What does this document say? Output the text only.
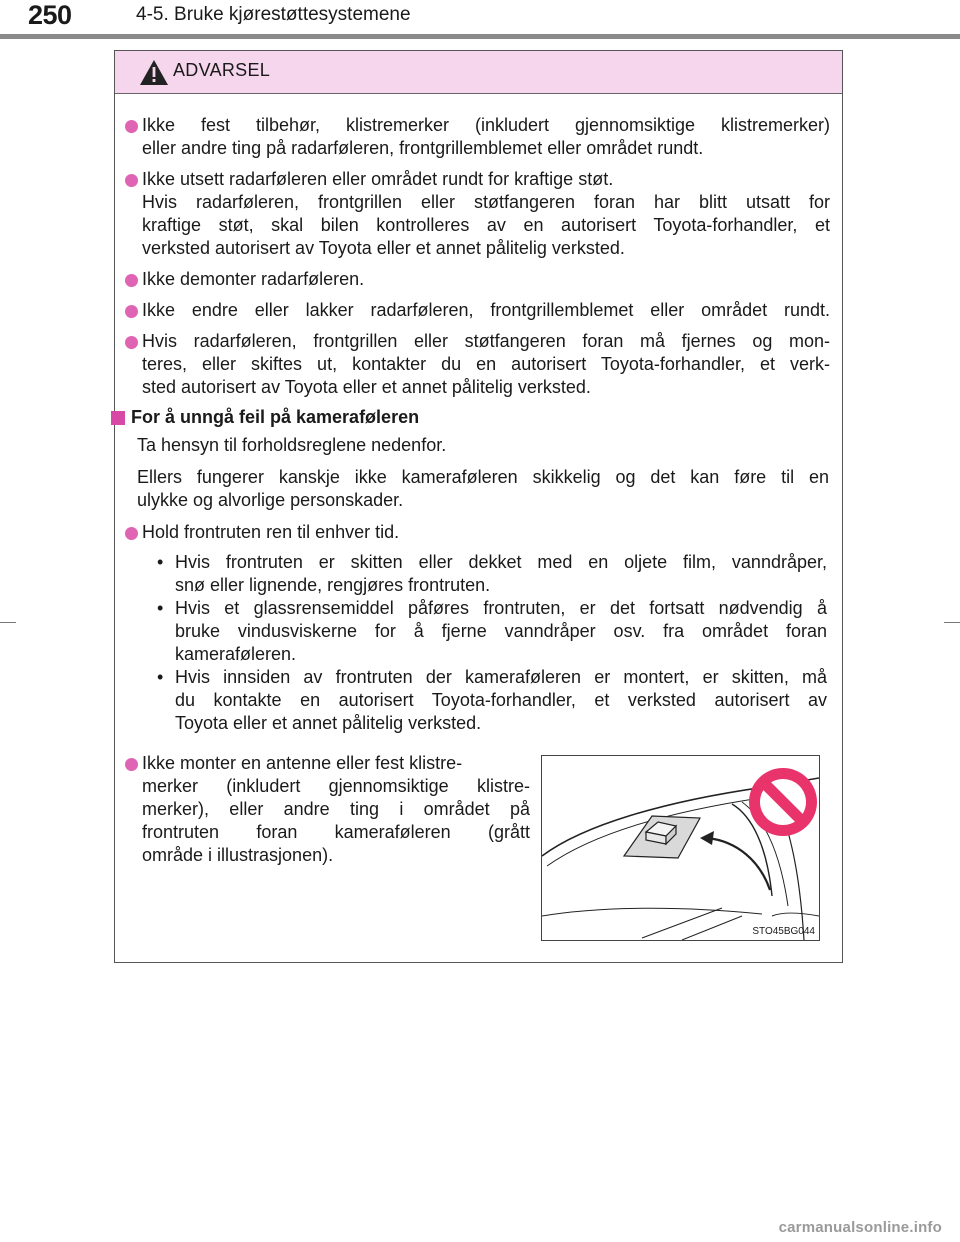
250	4-5. Bruke kjørestøttesystemene
ADVARSEL
Ikke fest tilbehør, klistremerker (inkludert gjennomsiktige klistremerker)
eller andre ting på radarføleren, frontgrillemblemet eller området rundt.
Ikke utsett radarføleren eller området rundt for kraftige støt.
Hvis radarføleren, frontgrillen eller støtfangeren foran har blitt utsatt for
kraftige støt, skal bilen kontrolleres av en autorisert Toyota-forhandler, et
verksted autorisert av Toyota eller et annet pålitelig verksted.
Ikke demonter radarføleren.
Ikke endre eller lakker radarføleren, frontgrillemblemet eller området rundt.
Hvis radarføleren, frontgrillen eller støtfangeren foran må fjernes og mon-
teres, eller skiftes ut, kontakter du en autorisert Toyota-forhandler, et verk-
sted autorisert av Toyota eller et annet pålitelig verksted.
For å unngå feil på kameraføleren
Ta hensyn til forholdsreglene nedenfor.
Ellers fungerer kanskje ikke kameraføleren skikkelig og det kan føre til en
ulykke og alvorlige personskader.
Hold frontruten ren til enhver tid.
• Hvis frontruten er skitten eller dekket med en oljete film, vanndråper,
snø eller lignende, rengjøres frontruten.
• Hvis et glassrensemiddel påføres frontruten, er det fortsatt nødvendig å
bruke vindusviskerne for å fjerne vanndråper osv. fra området foran
kameraføleren.
• Hvis innsiden av frontruten der kameraføleren er montert, er skitten, må
du kontakte en autorisert Toyota-forhandler, et verksted autorisert av
Toyota eller et annet pålitelig verksted.
Ikke monter en antenne eller fest klistre-
merker (inkludert gjennomsiktige klistre-
merker), eller andre ting i området på
frontruten foran kameraføleren (grått
område i illustrasjonen).
STO45BG044
carmanualsonline.info
